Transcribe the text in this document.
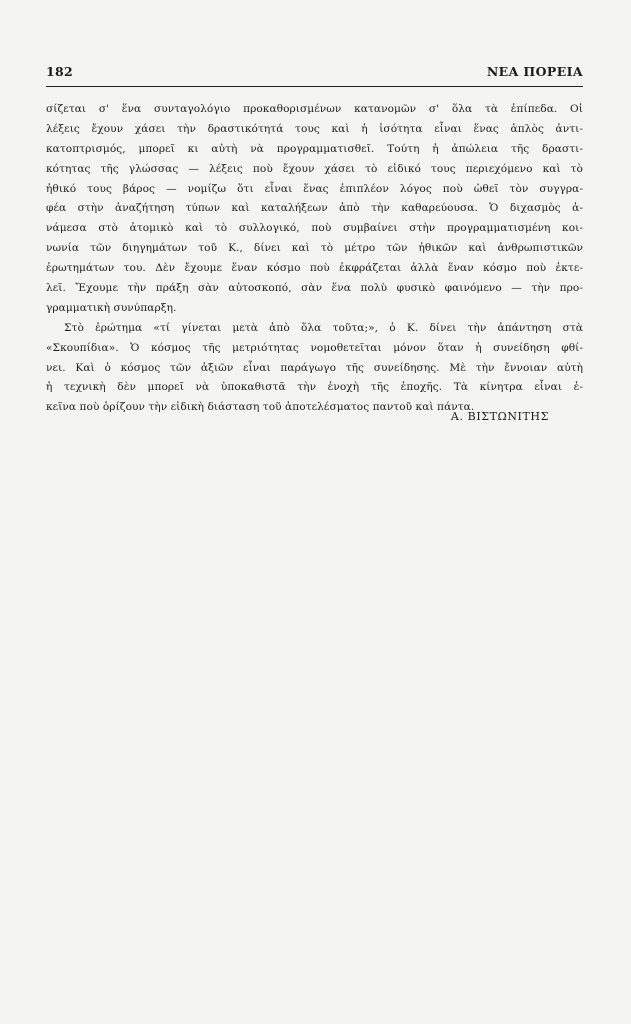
182	ΝΕΑ ΠΟΡΕΙΑ
σίζεται σ' ἕνα συνταγολόγιο προκαθορισμένων κατανομῶν σ' ὅλα τὰ ἐπίπεδα. Οἱ
λέξεις ἔχουν χάσει τὴν δραστικότητά τους καὶ ἡ ἰσότητα εἶναι ἕνας ἁπλὸς ἀντι-
κατοπτρισμός, μπορεῖ κι αὐτὴ νὰ προγραμματισθεῖ. Τούτη ἡ ἀπώλεια τῆς δραστι-
κότητας τῆς γλώσσας — λέξεις ποὺ ἔχουν χάσει τὸ εἰδικό τους περιεχόμενο καὶ τὸ
ἠθικό τους βάρος — νομίζω ὅτι εἶναι ἕνας ἐπιπλέον λόγος ποὺ ὠθεῖ τὸν συγγρα-
φέα στὴν ἀναζήτηση τύπων καὶ καταλήξεων ἀπὸ τὴν καθαρεύουσα. Ὁ διχασμὸς ἀ-
νάμεσα στὸ ἀτομικὸ καὶ τὸ συλλογικό, ποὺ συμβαίνει στὴν προγραμματισμένη κοι-
νωνία τῶν διηγημάτων τοῦ Κ., δίνει καὶ τὸ μέτρο τῶν ἠθικῶν καὶ ἀνθρωπιστικῶν
ἐρωτημάτων του. Δὲν ἔχουμε ἕναν κόσμο ποὺ ἐκφράζεται ἀλλὰ ἕναν κόσμο ποὺ ἐκτε-
λεῖ. Ἔχουμε τὴν πράξη σὰν αὐτοσκοπό, σὰν ἕνα πολὺ φυσικὸ φαινόμενο — τὴν προ-
γραμματικὴ συνύπαρξη.
Στὸ ἐρώτημα «τί γίνεται μετὰ ἀπὸ ὅλα τοῦτα;», ὁ Κ. δίνει τὴν ἀπάντηση στὰ
«Σκουπίδια». Ὁ κόσμος τῆς μετριότητας νομοθετεῖται μόνον ὅταν ἡ συνείδηση φθί-
νει. Καὶ ὁ κόσμος τῶν ἀξιῶν εἶναι παράγωγο τῆς συνείδησης. Μὲ τὴν ἔννοιαν αὐτὴ
ἡ τεχνικὴ δὲν μπορεῖ νὰ ὑποκαθιστᾶ τὴν ἐνοχὴ τῆς ἐποχῆς. Τὰ κίνητρα εἶναι ἐ-
κεῖνα ποὺ ὁρίζουν τὴν εἰδικὴ διάσταση τοῦ ἀποτελέσματος παντοῦ καὶ πάντα.
Α. ΒΙΣΤΩΝΙΤΗΣ
